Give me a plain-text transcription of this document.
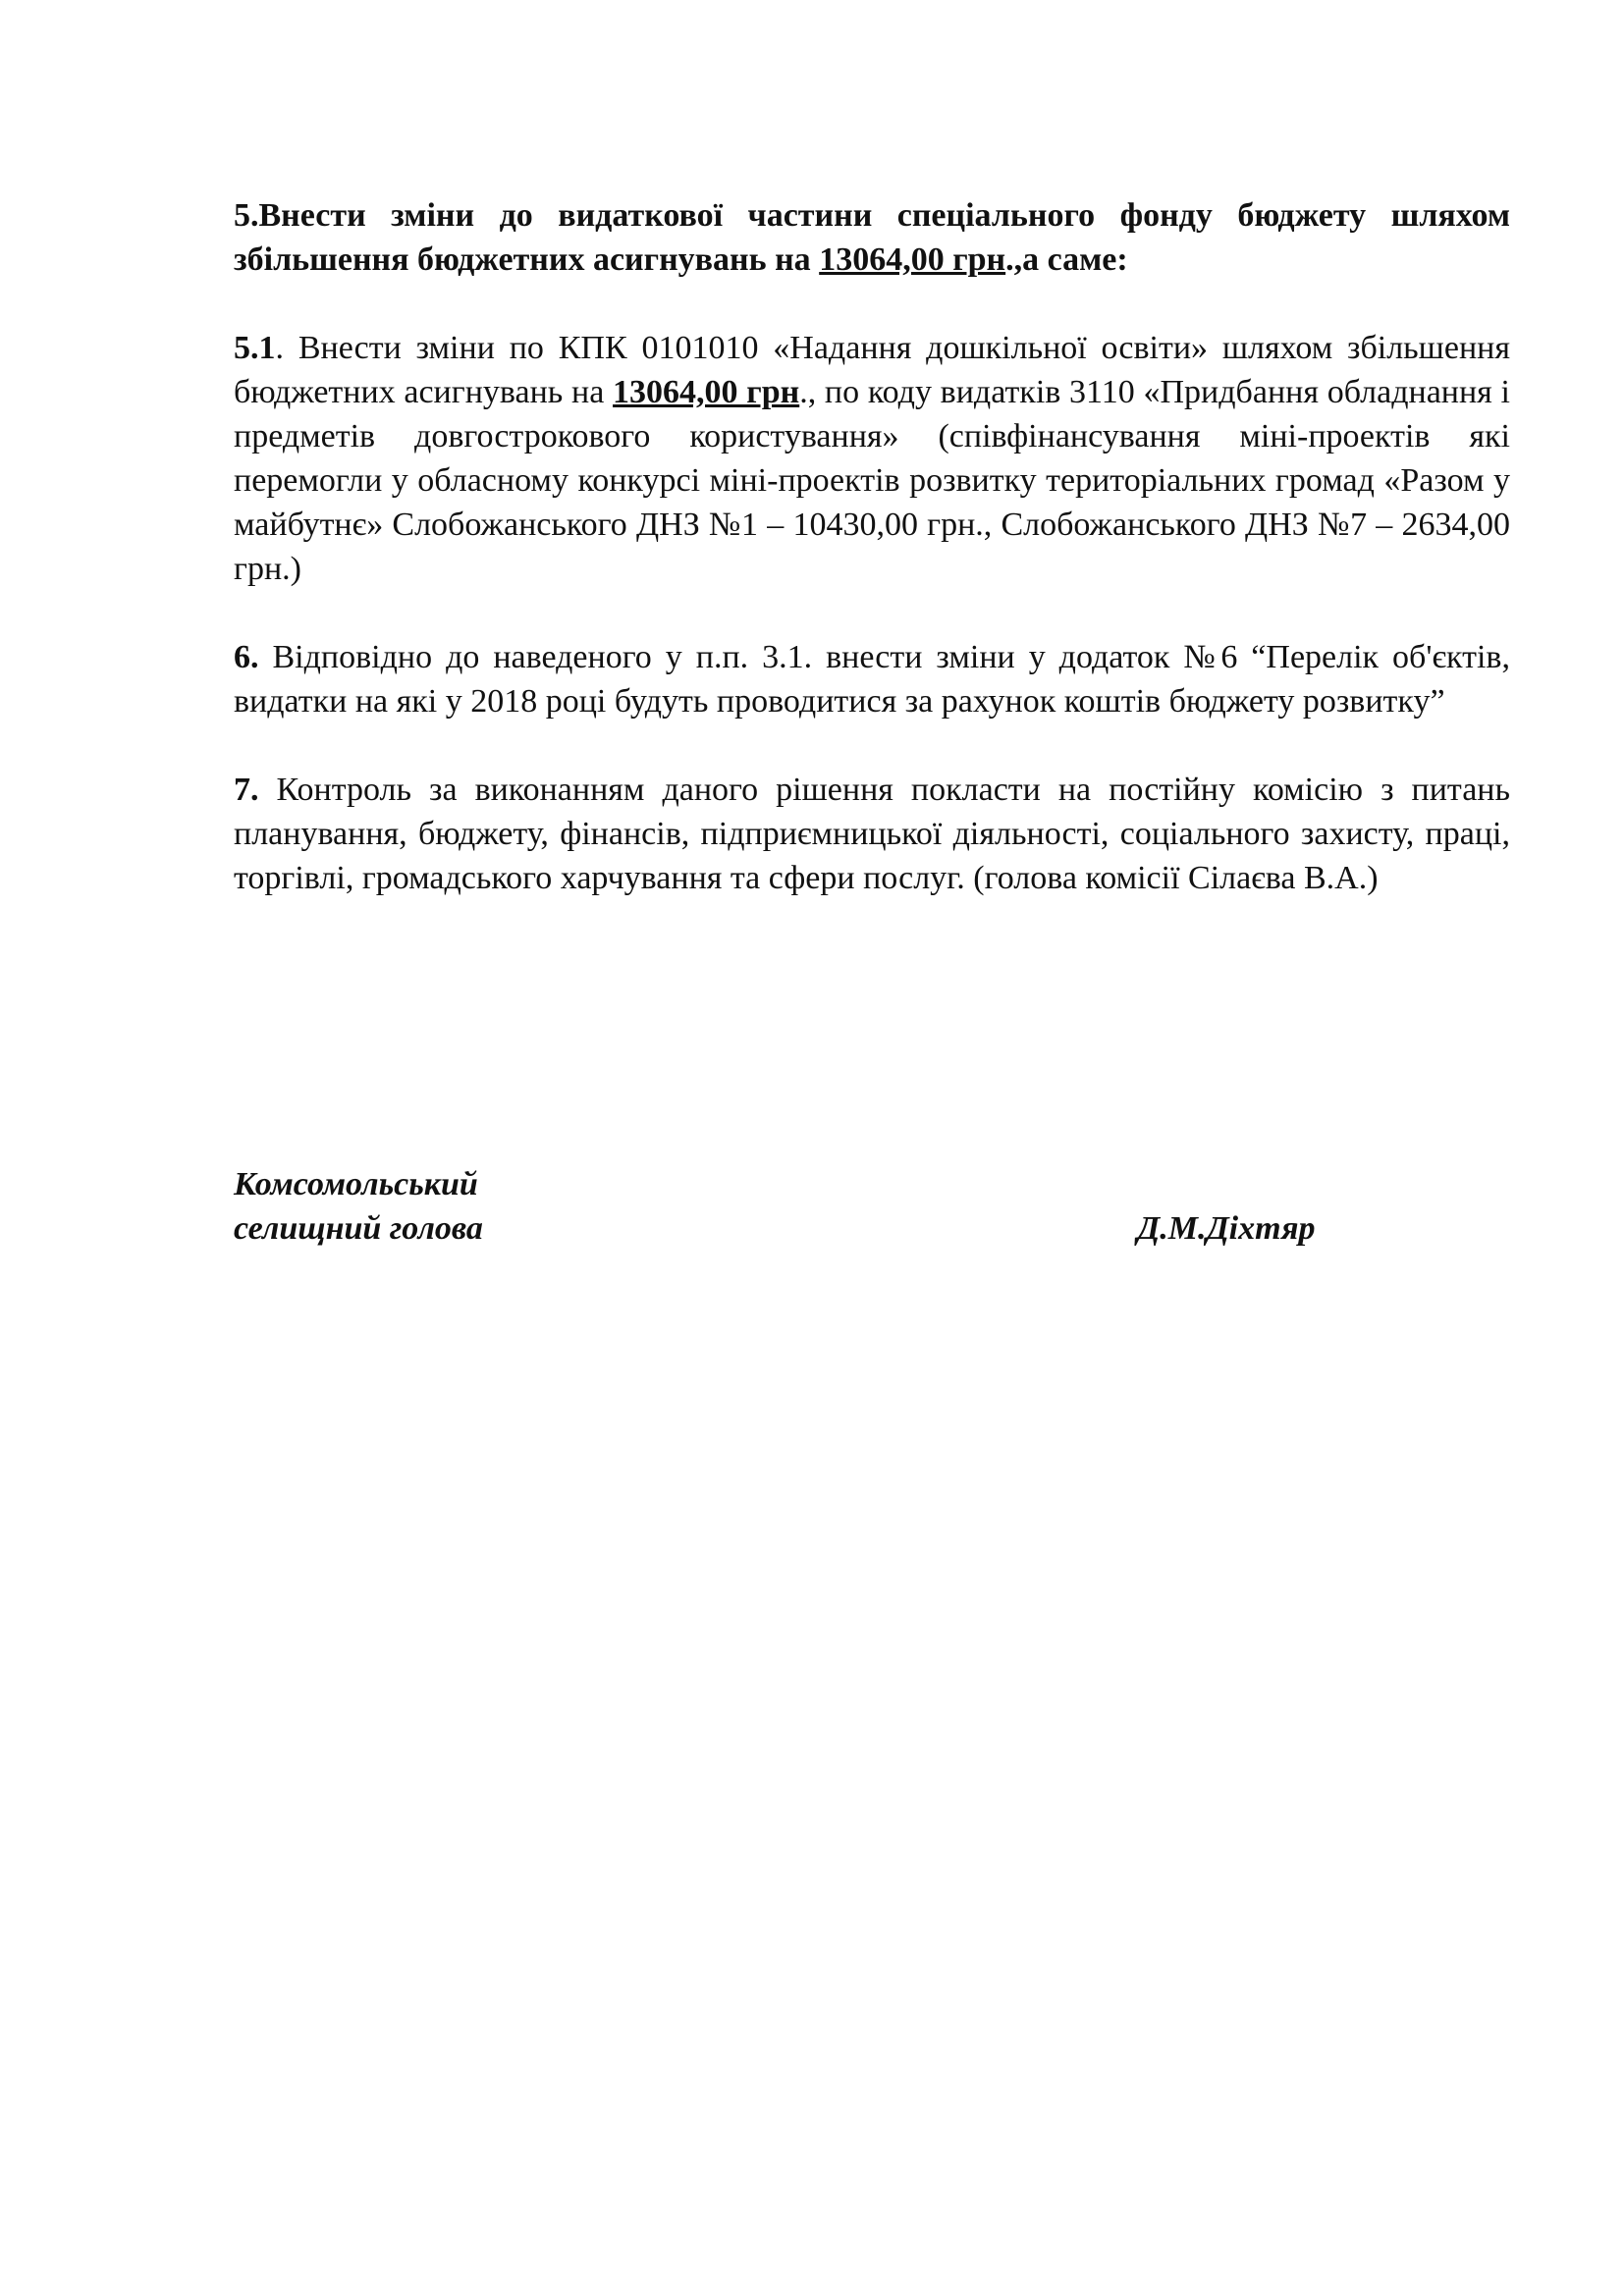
5.Внести зміни до видаткової частини спеціального фонду бюджету шляхом збільшення бюджетних асигнувань на 13064,00 грн.,а саме:

5.1. Внести зміни по КПК 0101010 «Надання дошкільної освіти» шляхом збільшення бюджетних асигнувань на 13064,00 грн., по коду видатків 3110 «Придбання обладнання і предметів довгострокового користування» (співфінансування міні-проектів які перемогли у обласному конкурсі міні-проектів розвитку територіальних громад «Разом у майбутнє» Слобожанського ДНЗ №1 – 10430,00 грн., Слобожанського ДНЗ №7 – 2634,00 грн.)

6. Відповідно до наведеного у п.п. 3.1. внести зміни у додаток №6 “Перелік об'єктів, видатки на які у 2018 році будуть проводитися за рахунок коштів бюджету розвитку”

7. Контроль за виконанням даного рішення покласти на постійну комісію з питань планування, бюджету, фінансів, підприємницької діяльності, соціального захисту, праці, торгівлі, громадського харчування та сфери послуг. (голова комісії Сілаєва В.А.)

Комсомольський
селищний голова	Д.М.Діхтяр
